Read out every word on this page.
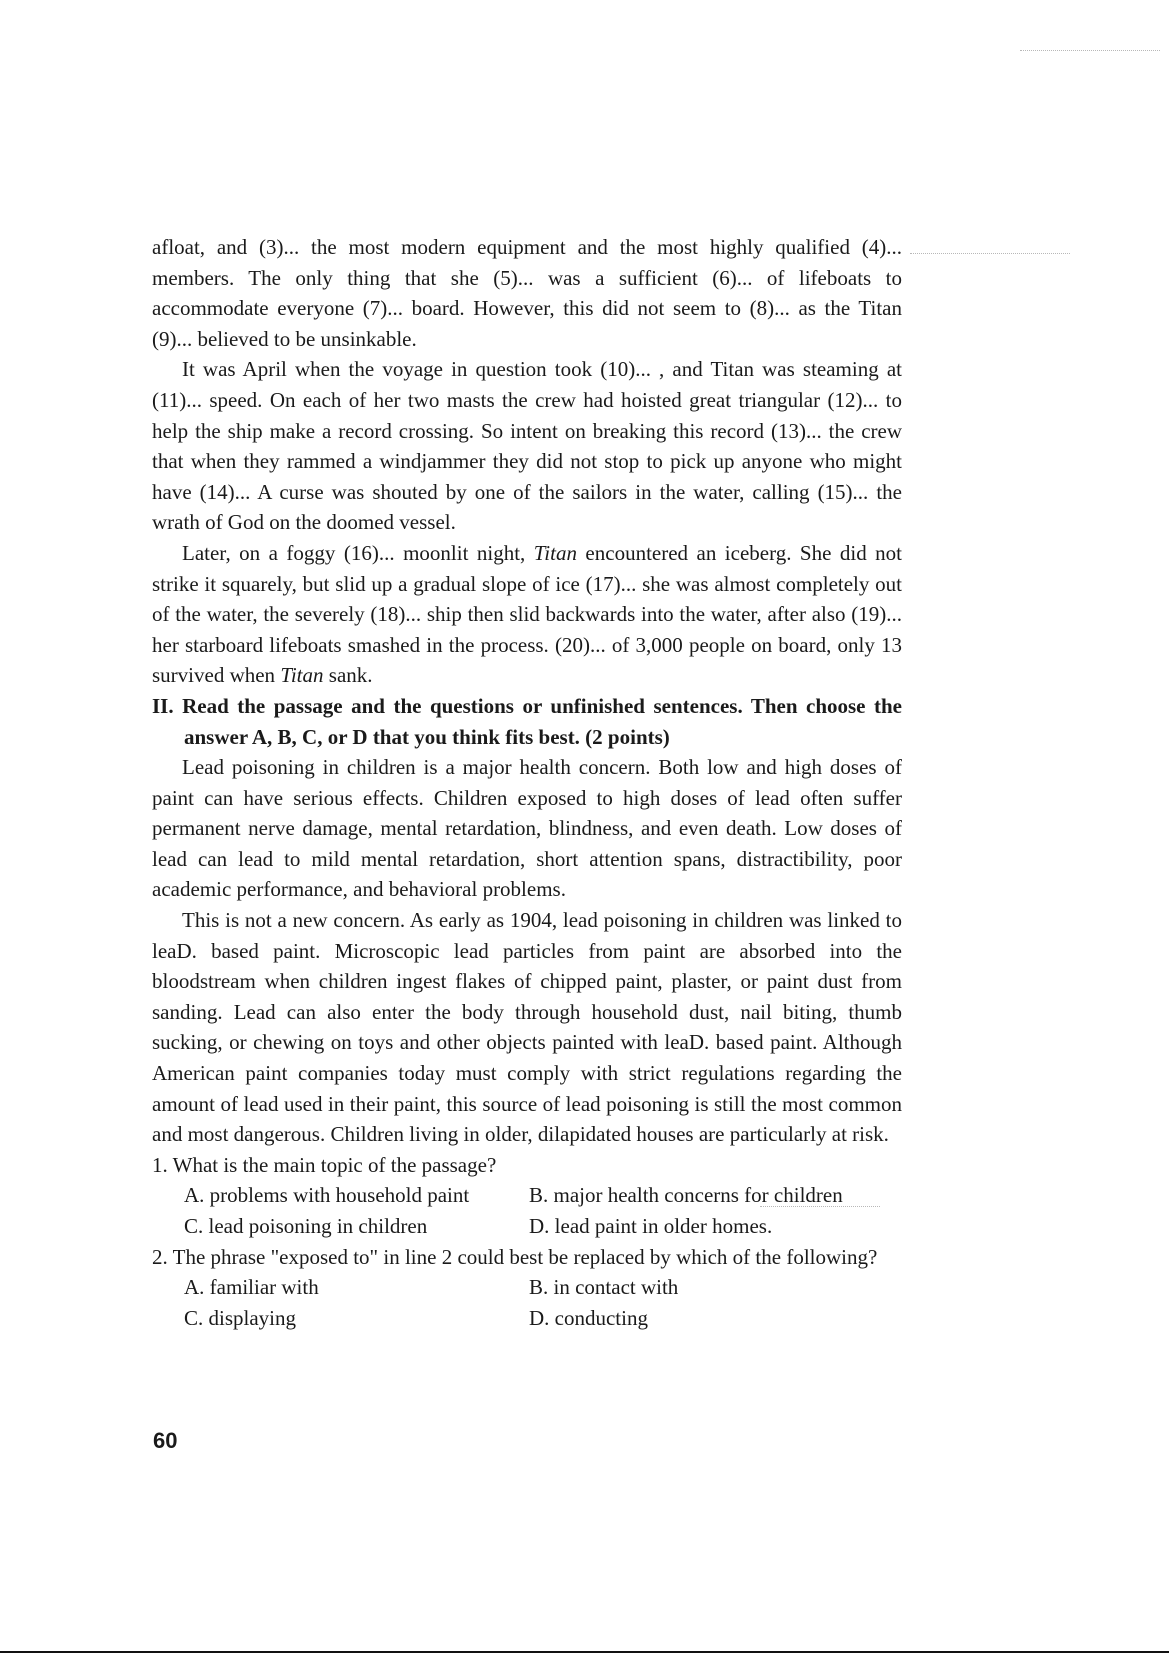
afloat, and (3)... the most modern equipment and the most highly qualified (4)... members. The only thing that she (5)... was a sufficient (6)... of lifeboats to accommodate everyone (7)... board. However, this did not seem to (8)... as the Titan (9)... believed to be unsinkable.

It was April when the voyage in question took (10)... , and Titan was steaming at (11)... speed. On each of her two masts the crew had hoisted great triangular (12)... to help the ship make a record crossing. So intent on breaking this record (13)... the crew that when they rammed a windjammer they did not stop to pick up anyone who might have (14)... A curse was shouted by one of the sailors in the water, calling (15)... the wrath of God on the doomed vessel.

Later, on a foggy (16)... moonlit night, Titan encountered an iceberg. She did not strike it squarely, but slid up a gradual slope of ice (17)... she was almost completely out of the water, the severely (18)... ship then slid backwards into the water, after also (19)... her starboard lifeboats smashed in the process. (20)... of 3,000 people on board, only 13 survived when Titan sank.

II. Read the passage and the questions or unfinished sentences. Then choose the answer A, B, C, or D that you think fits best. (2 points)

Lead poisoning in children is a major health concern. Both low and high doses of paint can have serious effects. Children exposed to high doses of lead often suffer permanent nerve damage, mental retardation, blindness, and even death. Low doses of lead can lead to mild mental retardation, short attention spans, distractibility, poor academic performance, and behavioral problems.

This is not a new concern. As early as 1904, lead poisoning in children was linked to leaD. based paint. Microscopic lead particles from paint are absorbed into the bloodstream when children ingest flakes of chipped paint, plaster, or paint dust from sanding. Lead can also enter the body through household dust, nail biting, thumb sucking, or chewing on toys and other objects painted with leaD. based paint. Although American paint companies today must comply with strict regulations regarding the amount of lead used in their paint, this source of lead poisoning is still the most common and most dangerous. Children living in older, dilapidated houses are particularly at risk.

1. What is the main topic of the passage?

A. problems with household paint	B. major health concerns for children
C. lead poisoning in children	D. lead paint in older homes.

2. The phrase "exposed to" in line 2 could best be replaced by which of the following?

A. familiar with	B. in contact with
C. displaying	D. conducting
60
